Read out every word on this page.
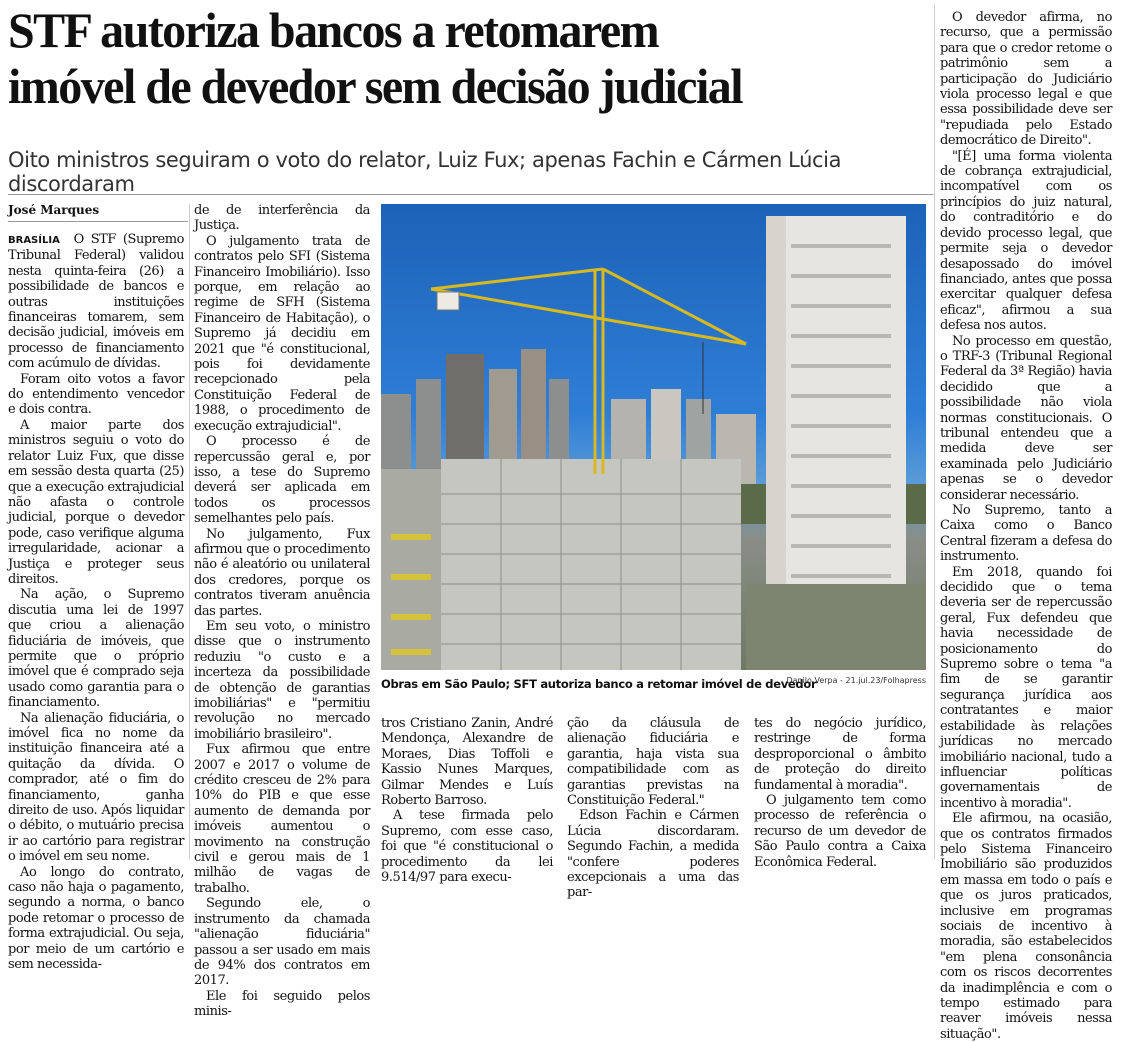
STF autoriza bancos a retomarem
imóvel de devedor sem decisão judicial
Oito ministros seguiram o voto do relator, Luiz Fux; apenas Fachin e Cármen Lúcia discordaram
José Marques

BRASÍLIA O STF (Supremo Tribunal Federal) validou nesta quinta-feira (26) a possibilidade de bancos e outras instituições financeiras tomarem, sem decisão judicial, imóveis em processo de financiamento com acúmulo de dívidas.

Foram oito votos a favor do entendimento vencedor e dois contra.

A maior parte dos ministros seguiu o voto do relator Luiz Fux, que disse em sessão desta quarta (25) que a execução extrajudicial não afasta o controle judicial, porque o devedor pode, caso verifique alguma irregularidade, acionar a Justiça e proteger seus direitos.

Na ação, o Supremo discutia uma lei de 1997 que criou a alienação fiduciária de imóveis, que permite que o próprio imóvel que é comprado seja usado como garantia para o financiamento.

Na alienação fiduciária, o imóvel fica no nome da instituição financeira até a quitação da dívida. O comprador, até o fim do financiamento, ganha direito de uso. Após liquidar o débito, o mutuário precisa ir ao cartório para registrar o imóvel em seu nome.

Ao longo do contrato, caso não haja o pagamento, segundo a norma, o banco pode retomar o processo de forma extrajudicial. Ou seja, por meio de um cartório e sem necessida-

de de interferência da Justiça.

O julgamento trata de contratos pelo SFI (Sistema Financeiro Imobiliário). Isso porque, em relação ao regime de SFH (Sistema Financeiro de Habitação), o Supremo já decidiu em 2021 que "é constitucional, pois foi devidamente recepcionado pela Constituição Federal de 1988, o procedimento de execução extrajudicial".

O processo é de repercussão geral e, por isso, a tese do Supremo deverá ser aplicada em todos os processos semelhantes pelo país.

No julgamento, Fux afirmou que o procedimento não é aleatório ou unilateral dos credores, porque os contratos tiveram anuência das partes.

Em seu voto, o ministro disse que o instrumento reduziu "o custo e a incerteza da possibilidade de obtenção de garantias imobiliárias" e "permitiu revolução no mercado imobiliário brasileiro".

Fux afirmou que entre 2007 e 2017 o volume de crédito cresceu de 2% para 10% do PIB e que esse aumento de demanda por imóveis aumentou o movimento na construção civil e gerou mais de 1 milhão de vagas de trabalho.

Segundo ele, o instrumento da chamada "alienação fiduciária" passou a ser usado em mais de 94% dos contratos em 2017.

Ele foi seguido pelos minis-

Obras em São Paulo; SFT autoriza banco a retomar imóvel de devedor
Danilo Verpa - 21.jul.23/Folhapress

tros Cristiano Zanin, André Mendonça, Alexandre de Moraes, Dias Toffoli e Kassio Nunes Marques, Gilmar Mendes e Luís Roberto Barroso.

A tese firmada pelo Supremo, com esse caso, foi que "é constitucional o procedimento da lei 9.514/97 para execu-

ção da cláusula de alienação fiduciária e garantia, haja vista sua compatibilidade com as garantias previstas na Constituição Federal."

Edson Fachin e Cármen Lúcia discordaram. Segundo Fachin, a medida "confere poderes excepcionais a uma das par-

tes do negócio jurídico, restringe de forma desproporcional o âmbito de proteção do direito fundamental à moradia".

O julgamento tem como processo de referência o recurso de um devedor de São Paulo contra a Caixa Econômica Federal.

O devedor afirma, no recurso, que a permissão para que o credor retome o patrimônio sem a participação do Judiciário viola processo legal e que essa possibilidade deve ser "repudiada pelo Estado democrático de Direito".

"[É] uma forma violenta de cobrança extrajudicial, incompatível com os princípios do juiz natural, do contraditório e do devido processo legal, que permite seja o devedor desapossado do imóvel financiado, antes que possa exercitar qualquer defesa eficaz", afirmou a sua defesa nos autos.

No processo em questão, o TRF-3 (Tribunal Regional Federal da 3ª Região) havia decidido que a possibilidade não viola normas constitucionais. O tribunal entendeu que a medida deve ser examinada pelo Judiciário apenas se o devedor considerar necessário.

No Supremo, tanto a Caixa como o Banco Central fizeram a defesa do instrumento.

Em 2018, quando foi decidido que o tema deveria ser de repercussão geral, Fux defendeu que havia necessidade de posicionamento do Supremo sobre o tema "a fim de se garantir segurança jurídica aos contratantes e maior estabilidade às relações jurídicas no mercado imobiliário nacional, tudo a influenciar políticas governamentais de incentivo à moradia".

Ele afirmou, na ocasião, que os contratos firmados pelo Sistema Financeiro Imobiliário são produzidos em massa em todo o país e que os juros praticados, inclusive em programas sociais de incentivo à moradia, são estabelecidos "em plena consonância com os riscos decorrentes da inadimplência e com o tempo estimado para reaver imóveis nessa situação".
